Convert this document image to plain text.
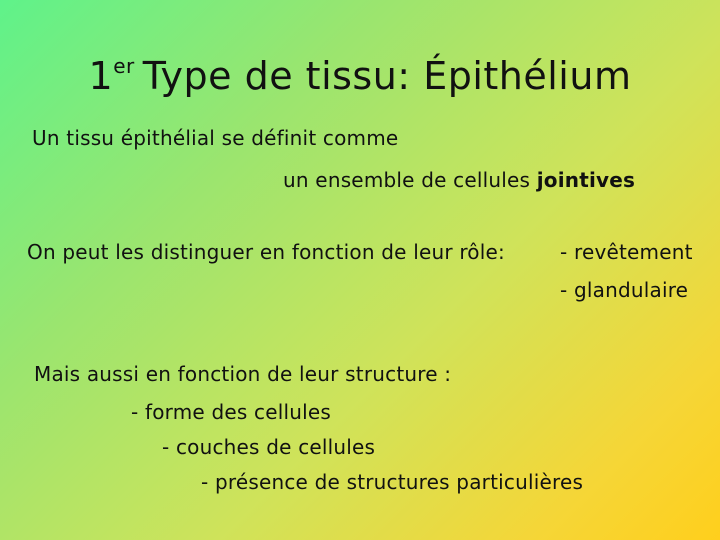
1er Type de tissu: Épithélium
Un tissu épithélial se définit comme
un ensemble de cellules jointives
On peut les distinguer en fonction de leur rôle:	- revêtement
- glandulaire
Mais aussi en fonction de leur structure :
- forme des cellules
- couches de cellules
- présence de structures particulières
